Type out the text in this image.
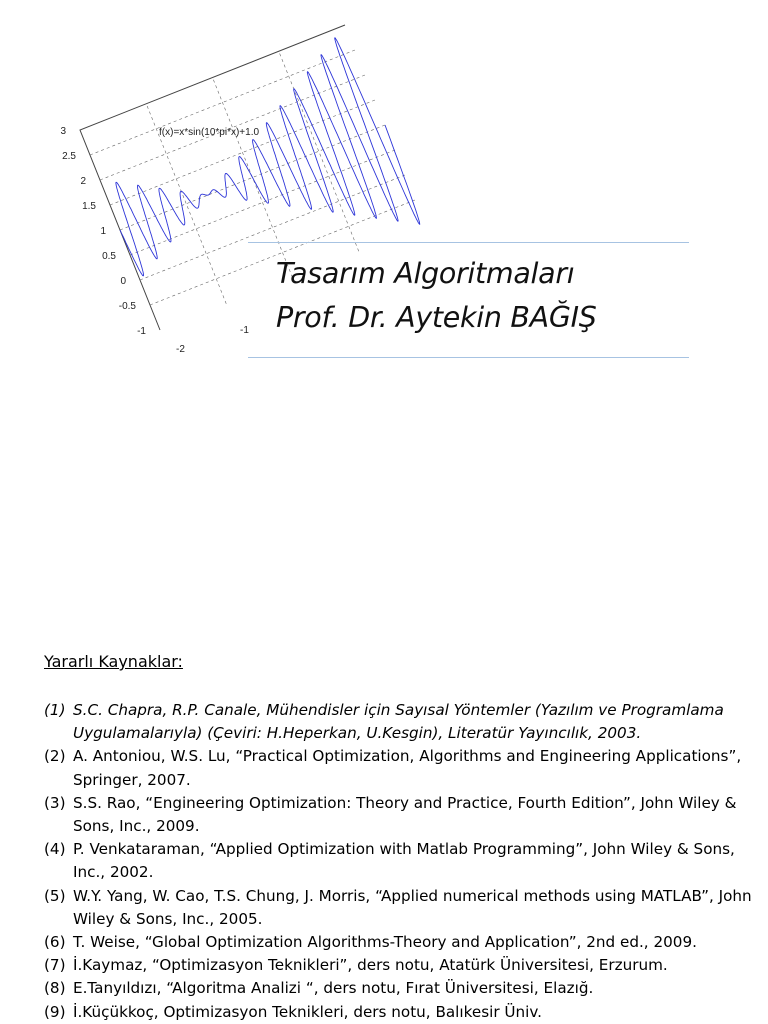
3
2.5
2
1.5
1
0.5
0
-0.5
-1
-2
-1
f(x)=x*sin(10*pi*x)+1.0
Tasarım Algoritmaları
Prof. Dr. Aytekin BAĞIŞ
Yararlı Kaynaklar:
(1) S.C. Chapra, R.P. Canale, Mühendisler için Sayısal Yöntemler (Yazılım ve Programlama Uygulamalarıyla) (Çeviri: H.Heperkan, U.Kesgin), Literatür Yayıncılık, 2003.
(2) A. Antoniou, W.S. Lu, “Practical Optimization, Algorithms and Engineering Applications”, Springer, 2007.
(3) S.S. Rao, “Engineering Optimization: Theory and Practice, Fourth Edition”, John Wiley & Sons, Inc., 2009.
(4) P. Venkataraman, “Applied Optimization with Matlab Programming”, John Wiley & Sons, Inc., 2002.
(5) W.Y. Yang, W. Cao, T.S. Chung, J. Morris, “Applied numerical methods using MATLAB”, John Wiley & Sons, Inc., 2005.
(6) T. Weise, “Global Optimization Algorithms-Theory and Application”, 2nd ed., 2009.
(7) İ.Kaymaz, “Optimizasyon Teknikleri”, ders notu, Atatürk Üniversitesi, Erzurum.
(8) E.Tanyıldızı, “Algoritma Analizi “, ders notu, Fırat Üniversitesi, Elazığ.
(9) İ.Küçükkoç, Optimizasyon Teknikleri, ders notu, Balıkesir Üniv.
